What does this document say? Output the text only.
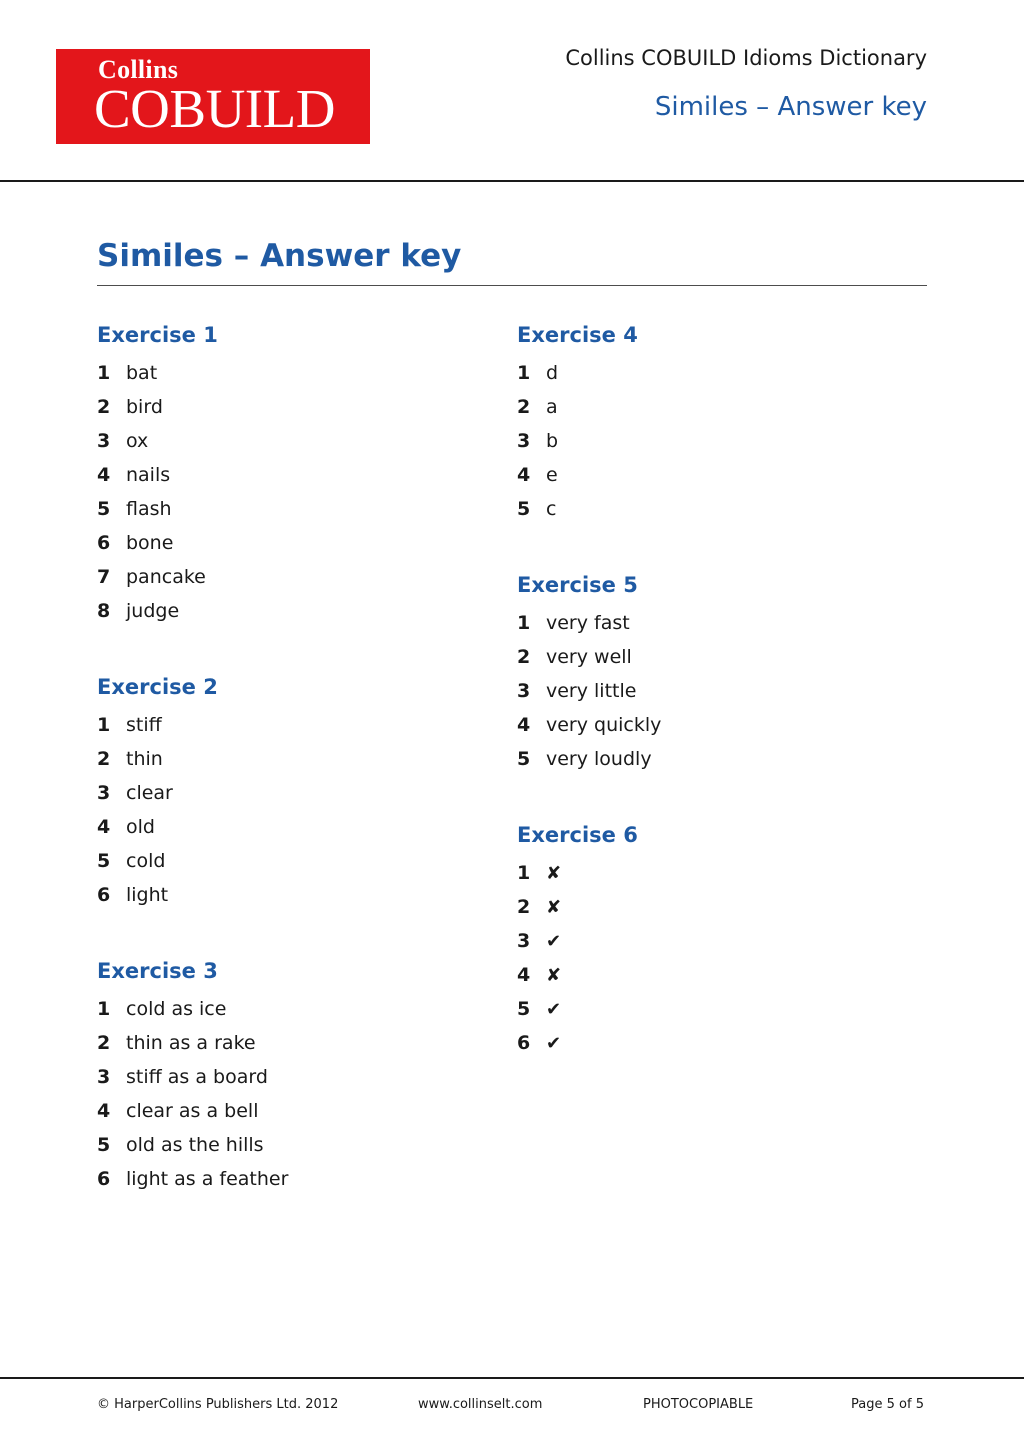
Collins
COBUILD
Collins COBUILD Idioms Dictionary
Similes – Answer key
Similes – Answer key
Exercise 1
1 bat
2 bird
3 ox
4 nails
5 flash
6 bone
7 pancake
8 judge
Exercise 2
1 stiff
2 thin
3 clear
4 old
5 cold
6 light
Exercise 3
1 cold as ice
2 thin as a rake
3 stiff as a board
4 clear as a bell
5 old as the hills
6 light as a feather
Exercise 4
1 d
2 a
3 b
4 e
5 c
Exercise 5
1 very fast
2 very well
3 very little
4 very quickly
5 very loudly
Exercise 6
1 ✘
2 ✘
3 ✔
4 ✘
5 ✔
6 ✔
© HarperCollins Publishers Ltd. 2012	www.collinselt.com	PHOTOCOPIABLE	Page 5 of 5
